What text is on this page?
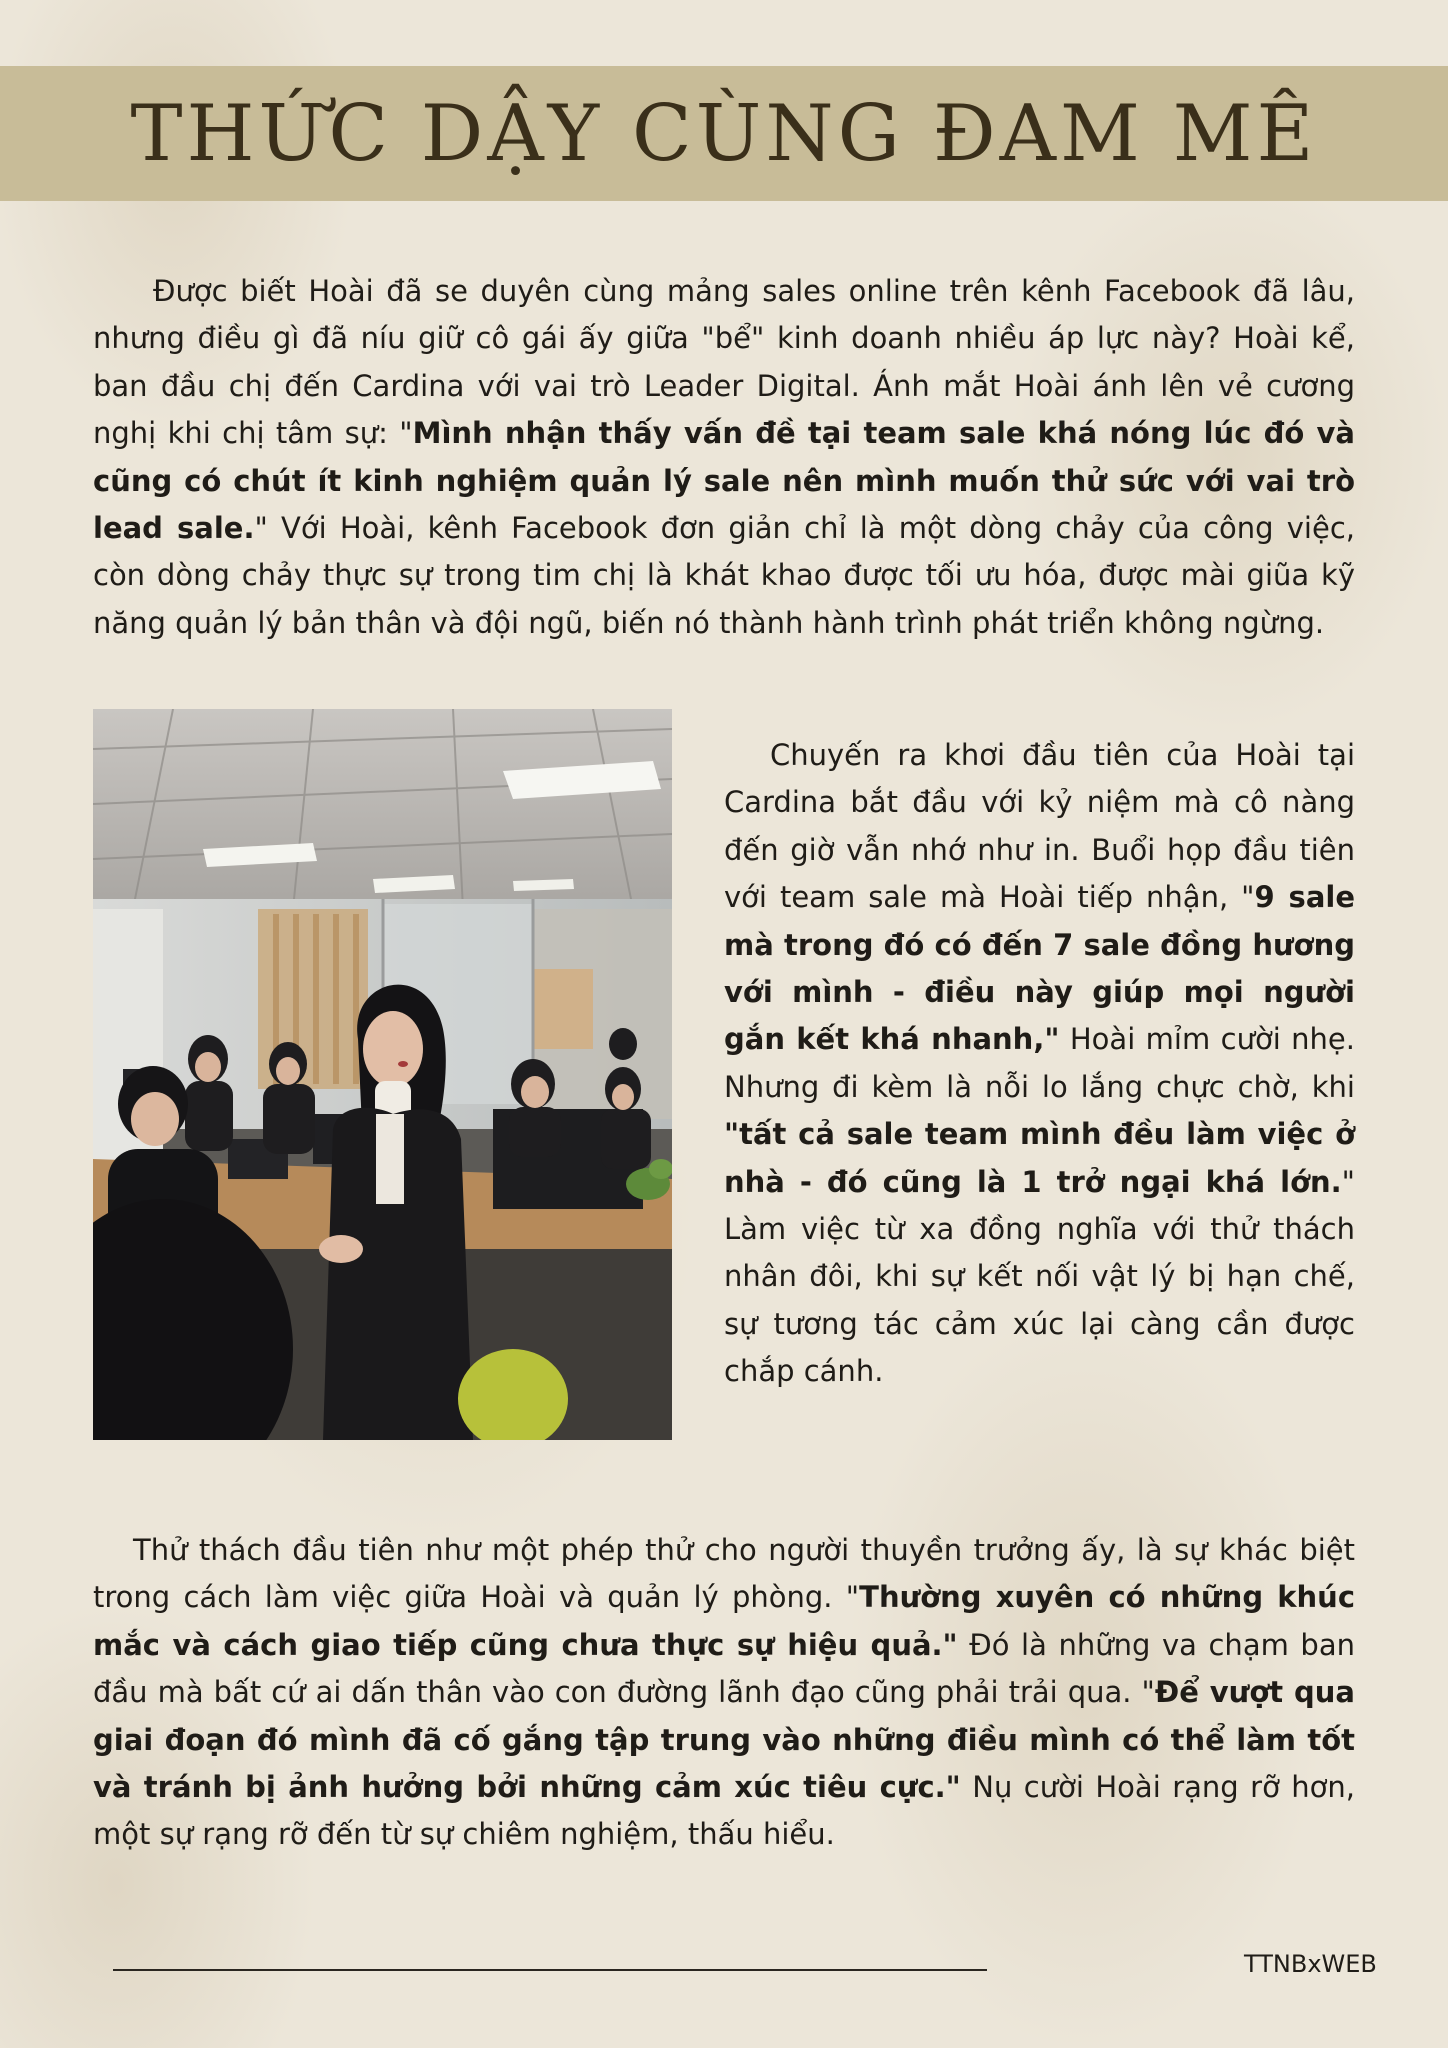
THỨC DẬY CÙNG ĐAM MÊ

Được biết Hoài đã se duyên cùng mảng sales online trên kênh Facebook đã lâu, nhưng điều gì đã níu giữ cô gái ấy giữa "bể" kinh doanh nhiều áp lực này? Hoài kể, ban đầu chị đến Cardina với vai trò Leader Digital. Ánh mắt Hoài ánh lên vẻ cương nghị khi chị tâm sự: "Mình nhận thấy vấn đề tại team sale khá nóng lúc đó và cũng có chút ít kinh nghiệm quản lý sale nên mình muốn thử sức với vai trò lead sale." Với Hoài, kênh Facebook đơn giản chỉ là một dòng chảy của công việc, còn dòng chảy thực sự trong tim chị là khát khao được tối ưu hóa, được mài giũa kỹ năng quản lý bản thân và đội ngũ, biến nó thành hành trình phát triển không ngừng.

Chuyến ra khơi đầu tiên của Hoài tại Cardina bắt đầu với kỷ niệm mà cô nàng đến giờ vẫn nhớ như in. Buổi họp đầu tiên với team sale mà Hoài tiếp nhận, "9 sale mà trong đó có đến 7 sale đồng hương với mình - điều này giúp mọi người gắn kết khá nhanh," Hoài mỉm cười nhẹ. Nhưng đi kèm là nỗi lo lắng chực chờ, khi "tất cả sale team mình đều làm việc ở nhà - đó cũng là 1 trở ngại khá lớn." Làm việc từ xa đồng nghĩa với thử thách nhân đôi, khi sự kết nối vật lý bị hạn chế, sự tương tác cảm xúc lại càng cần được chắp cánh.

Thử thách đầu tiên như một phép thử cho người thuyền trưởng ấy, là sự khác biệt trong cách làm việc giữa Hoài và quản lý phòng. "Thường xuyên có những khúc mắc và cách giao tiếp cũng chưa thực sự hiệu quả." Đó là những va chạm ban đầu mà bất cứ ai dấn thân vào con đường lãnh đạo cũng phải trải qua. "Để vượt qua giai đoạn đó mình đã cố gắng tập trung vào những điều mình có thể làm tốt và tránh bị ảnh hưởng bởi những cảm xúc tiêu cực." Nụ cười Hoài rạng rỡ hơn, một sự rạng rỡ đến từ sự chiêm nghiệm, thấu hiểu.

TTNBxWEB
